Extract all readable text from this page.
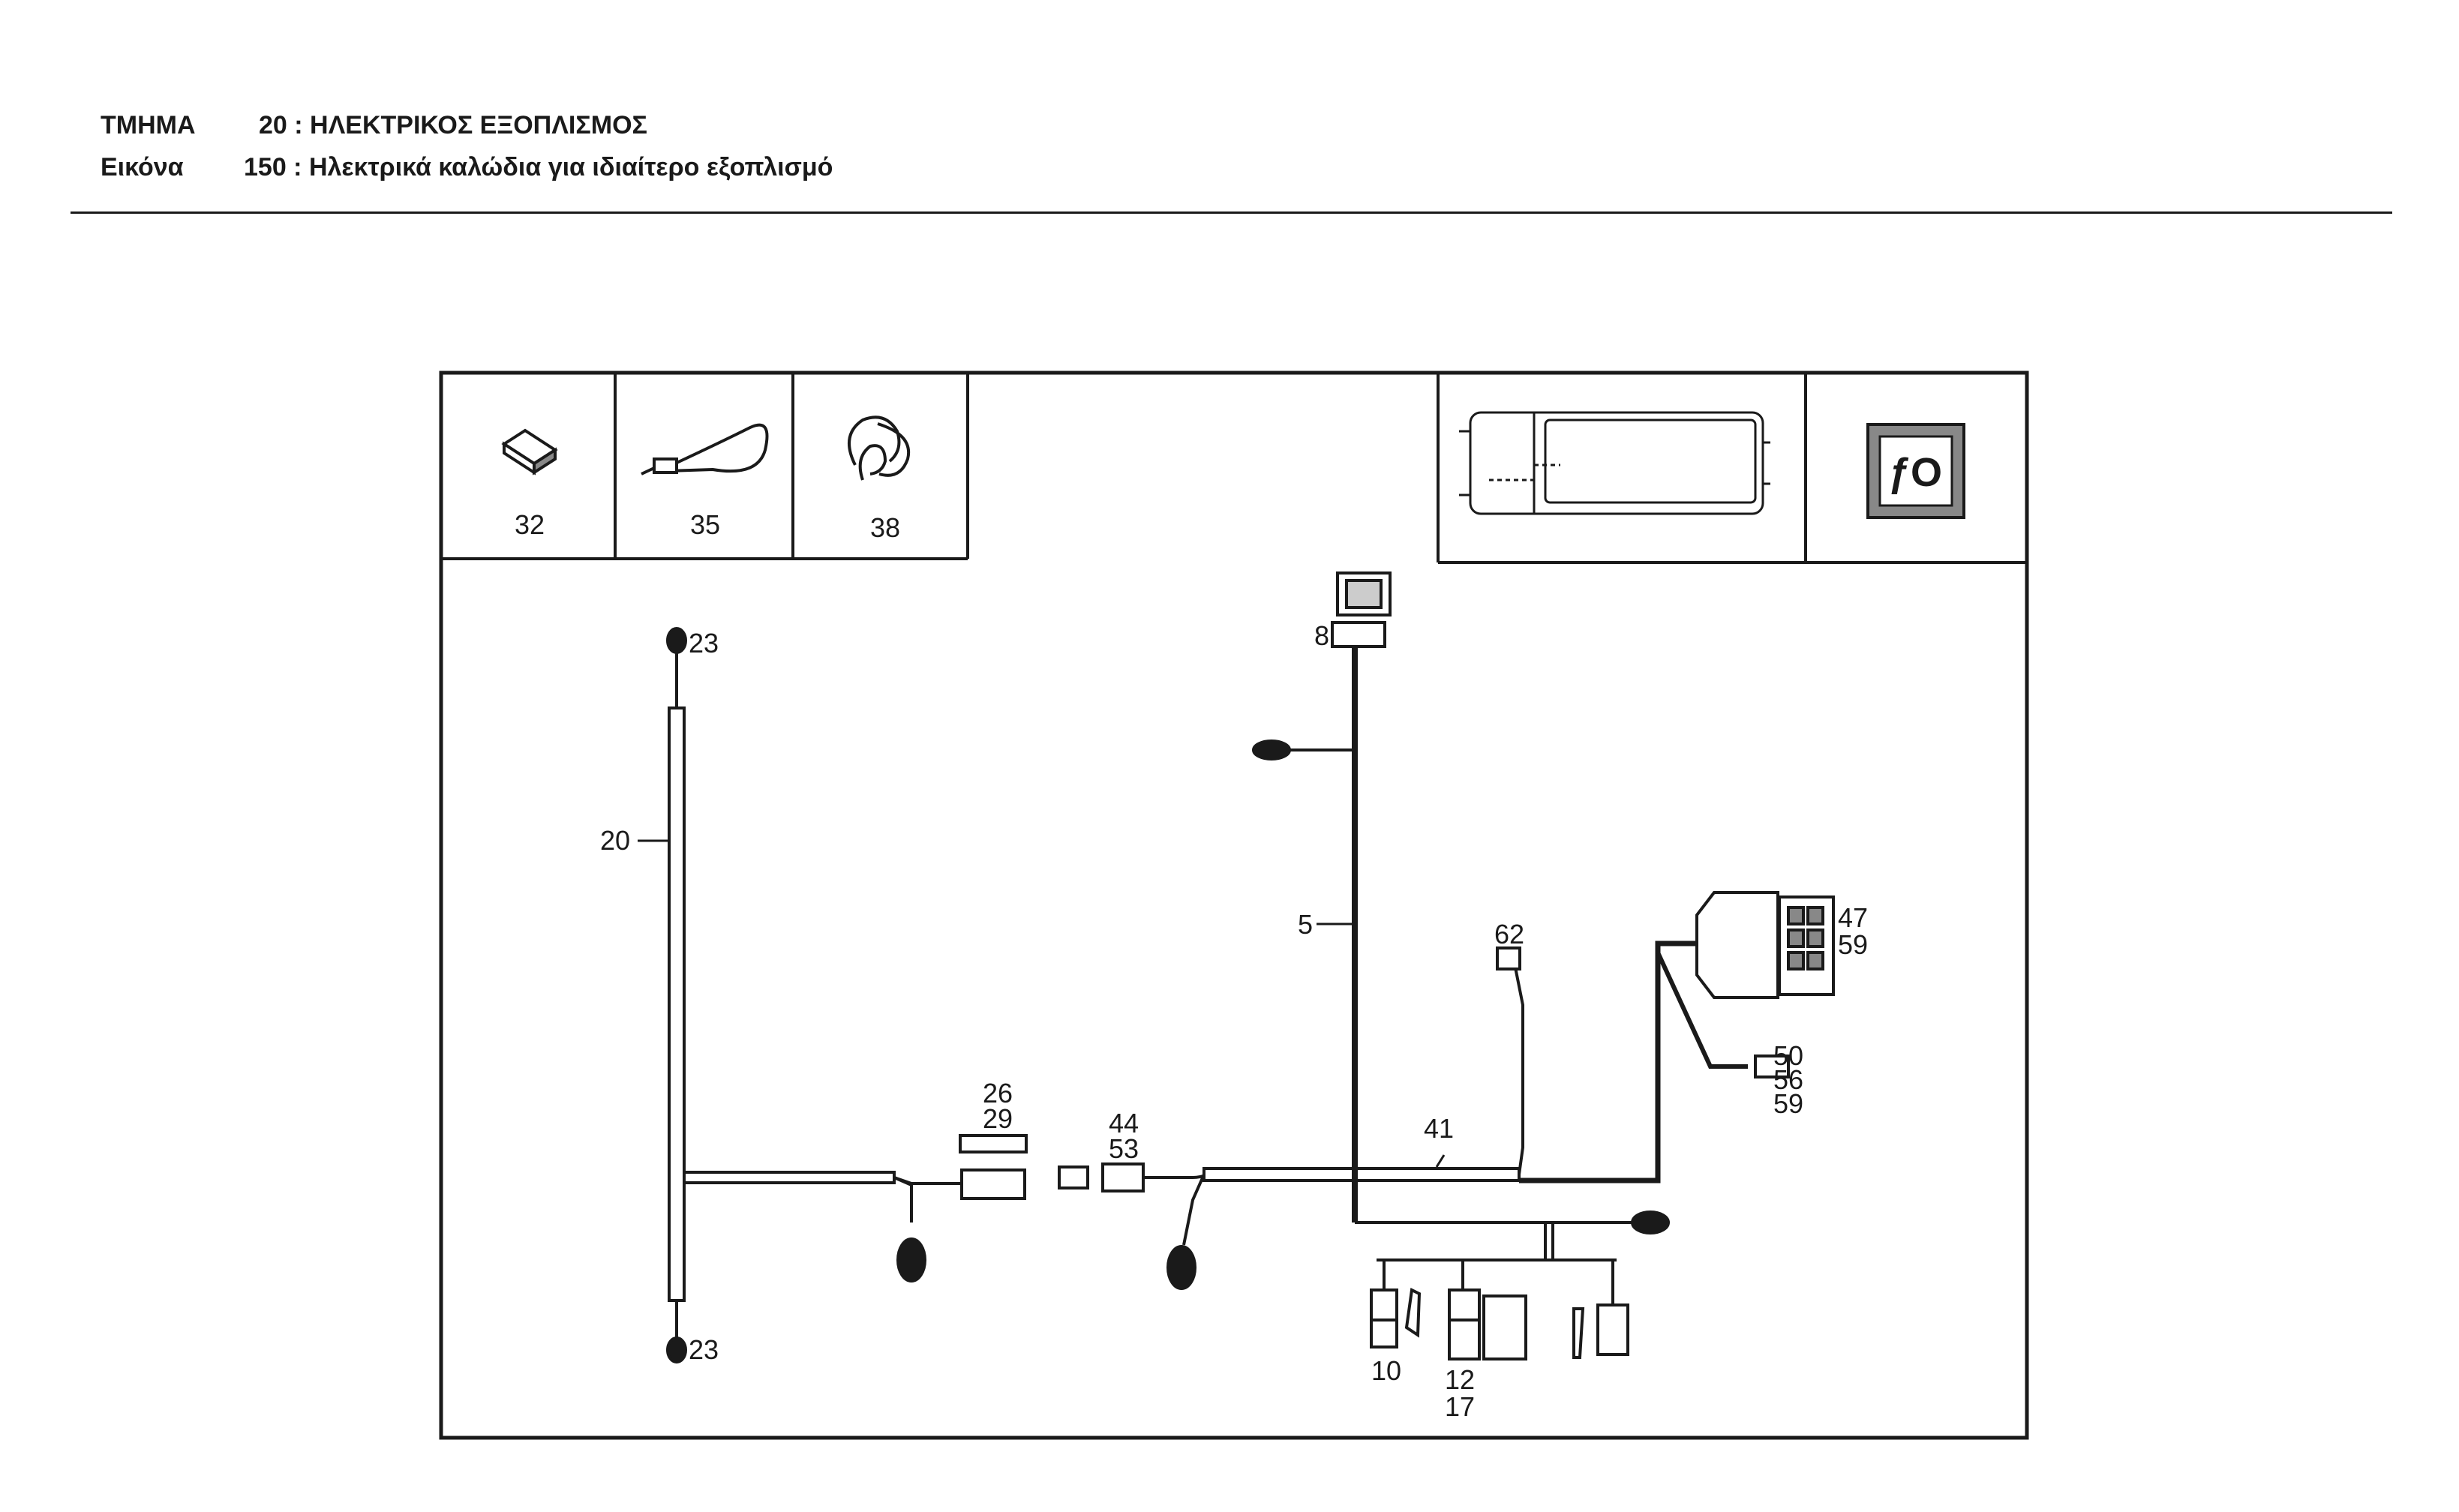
ΤΜΗΜΑ 20 : ΗΛΕΚΤΡΙΚΟΣ ΕΞΟΠΛΙΣΜΟΣ
Εικόνα 150 : Ηλεκτρικά καλώδια για ιδιαίτερο εξοπλισμό
ƒO
32	35	38
23
23
20
8
5	62
47
59
50
56
59
41
26
29	44
53
10 12
17
